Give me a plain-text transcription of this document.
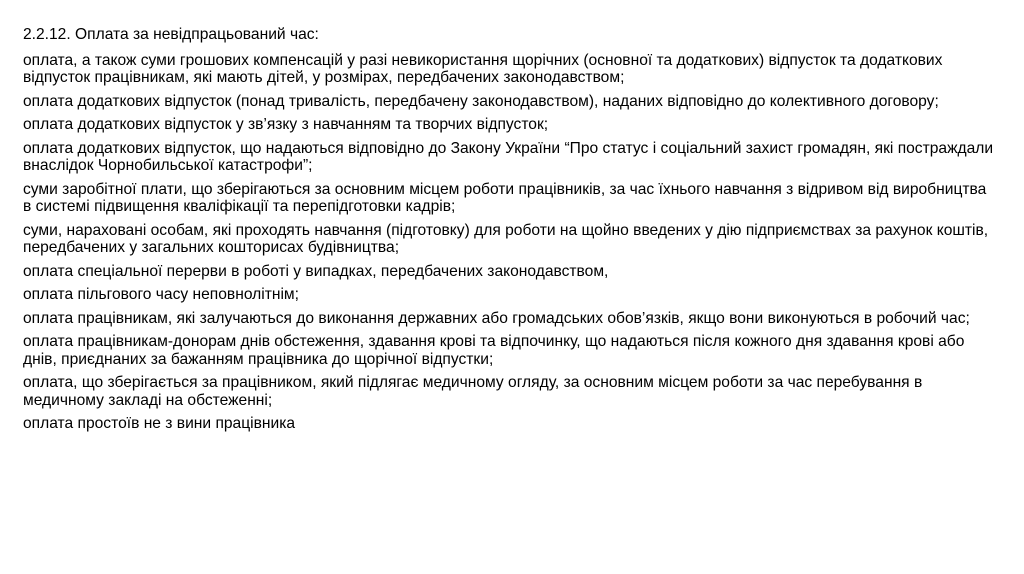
2.2.12. Оплата за невідпрацьований час:

оплата, а також суми грошових компенсацій у разі невикористання щорічних (основної та додаткових) відпусток та додаткових відпусток працівникам, які мають дітей, у розмірах, передбачених законодавством;

оплата додаткових відпусток (понад тривалість, передбачену законодавством), наданих відповідно до колективного договору;

оплата додаткових відпусток у зв’язку з навчанням та творчих відпусток;

оплата додаткових відпусток, що надаються відповідно до Закону України “Про статус і соціальний захист громадян, які постраждали внаслідок Чорнобильської катастрофи”;

суми заробітної плати, що зберігаються за основним місцем роботи працівників, за час їхнього навчання з відривом від виробництва в системі підвищення кваліфікації та перепідготовки кадрів;

суми, нараховані особам, які проходять навчання (підготовку) для роботи на щойно введених у дію підприємствах за рахунок коштів, передбачених у загальних кошторисах будівництва;

оплата спеціальної перерви в роботі у випадках, передбачених законодавством,

оплата пільгового часу неповнолітнім;

оплата працівникам, які залучаються до виконання державних або громадських обов’язків, якщо вони виконуються в робочий час;

оплата працівникам-донорам днів обстеження, здавання крові та відпочинку, що надаються після кожного дня здавання крові або днів, приєднаних за бажанням працівника до щорічної відпустки;

оплата, що зберігається за працівником, який підлягає медичному огляду, за основним місцем роботи за час перебування в медичному закладі на обстеженні;

оплата простоїв не з вини працівника
